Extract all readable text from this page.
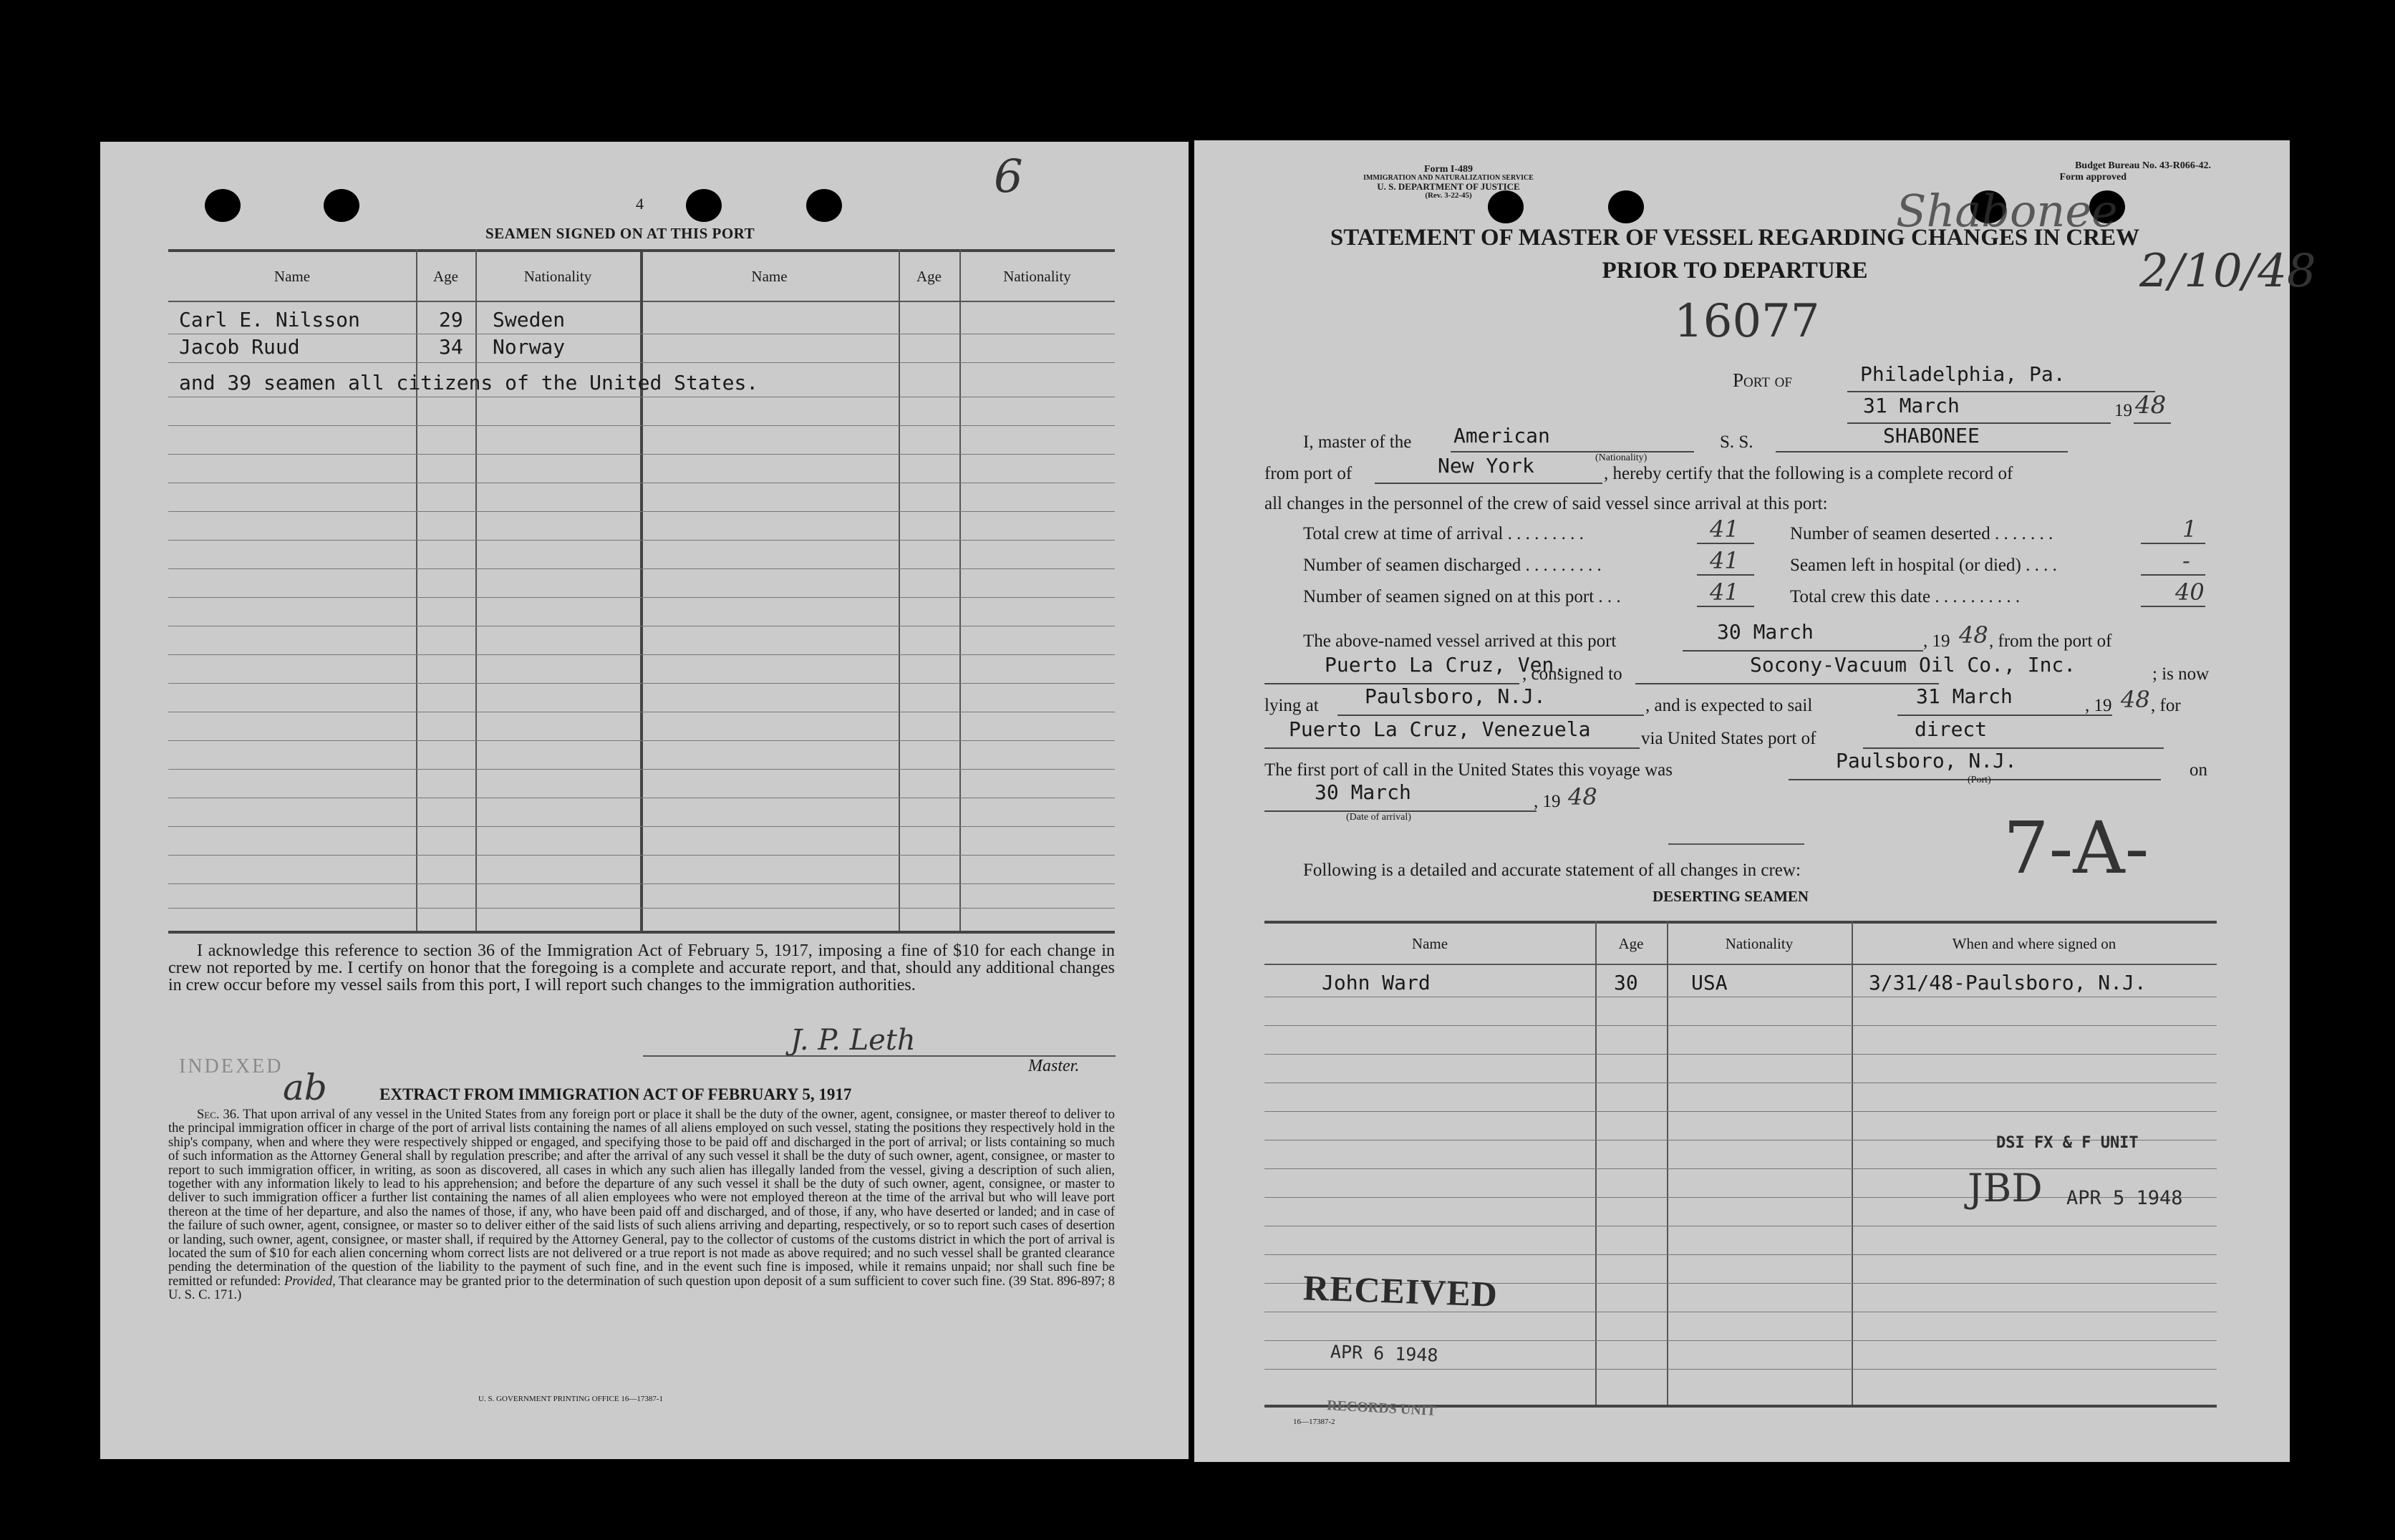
4
6
SEAMEN SIGNED ON AT THIS PORT
Name	Age	Nationality	Name	Age	Nationality
Carl E. Nilsson	29 Sweden
Jacob Ruud	34 Norway
and 39 seamen all citizens of the United States.
I acknowledge this reference to section 36 of the Immigration Act of February 5, 1917, imposing a fine of $10 for each change in crew not reported by me. I certify on honor that the foregoing is a complete and accurate report, and that, should any additional changes in crew occur before my vessel sails from this port, I will report such changes to the immigration authorities.
J. P. Leth
Master.
INDEXED
ab	EXTRACT FROM IMMIGRATION ACT OF FEBRUARY 5, 1917
Sec. 36. That upon arrival of any vessel in the United States from any foreign port or place it shall be the duty of the owner, agent, consignee, or master thereof to deliver to the principal immigration officer in charge of the port of arrival lists containing the names of all aliens employed on such vessel, stating the positions they respectively hold in the ship's company, when and where they were respectively shipped or engaged, and specifying those to be paid off and discharged in the port of arrival; or lists containing so much of such information as the Attorney General shall by regulation prescribe; and after the arrival of any such vessel it shall be the duty of such owner, agent, consignee, or master to report to such immigration officer, in writing, as soon as discovered, all cases in which any such alien has illegally landed from the vessel, giving a description of such alien, together with any information likely to lead to his apprehension; and before the departure of any such vessel it shall be the duty of such owner, agent, consignee, or master to deliver to such immigration officer a further list containing the names of all alien employees who were not employed thereon at the time of the arrival but who will leave port thereon at the time of her departure, and also the names of those, if any, who have been paid off and discharged, and of those, if any, who have deserted or landed; and in case of the failure of such owner, agent, consignee, or master so to deliver either of the said lists of such aliens arriving and departing, respectively, or so to report such cases of desertion or landing, such owner, agent, consignee, or master shall, if required by the Attorney General, pay to the collector of customs of the customs district in which the port of arrival is located the sum of $10 for each alien concerning whom correct lists are not delivered or a true report is not made as above required; and no such vessel shall be granted clearance pending the determination of the question of the liability to the payment of such fine, and in the event such fine is imposed, while it remains unpaid; nor shall such fine be remitted or refunded: Provided, That clearance may be granted prior to the determination of such question upon deposit of a sum sufficient to cover such fine. (39 Stat. 896-897; 8 U. S. C. 171.)
U. S. GOVERNMENT PRINTING OFFICE 16—17387-1
Form I-489
IMMIGRATION AND NATURALIZATION SERVICE
U. S. DEPARTMENT OF JUSTICE
(Rev. 3-22-45)
Budget Bureau No. 43-R066-42.
Form approved
Shabonee
2/10/48
STATEMENT OF MASTER OF VESSEL REGARDING CHANGES IN CREW
PRIOR TO DEPARTURE
16077
Port of	Philadelphia, Pa.
31 March	19 48
I, master of the American
(Nationality)
S. S.	SHABONEE
from port of	New York	, hereby certify that the following is a complete record of
all changes in the personnel of the crew of said vessel since arrival at this port:
Total crew at time of arrival . . . . . . . . .	41
Number of seamen discharged . . . . . . . . .	41
Number of seamen signed on at this port . . .	41
Number of seamen deserted . . . . . . .	1
Seamen left in hospital (or died) . . . .	-
Total crew this date . . . . . . . . . .	40
The above-named vessel arrived at this port	30 March	, 19 48 , from the port of
Puerto La Cruz, Ven.
, consigned to	Socony-Vacuum Oil Co., Inc.	; is now
lying at Paulsboro, N.J.	, and is expected to sail	31 March	, 19 48 , for
Puerto La Cruz, Venezuela	via United States port of	direct
The first port of call in the United States this voyage was	Paulsboro, N.J.
(Port)
on
30 March
(Date of arrival)
, 19 48
7-A-
Following is a detailed and accurate statement of all changes in crew:
DESERTING SEAMEN
Name	Age	Nationality	When and where signed on
John Ward	30	USA	3/31/48-Paulsboro, N.J.
DSI FX & F UNIT
JBD APR 5 1948
RECEIVED
APR 6 1948
RECORDS UNIT
16—17387-2
